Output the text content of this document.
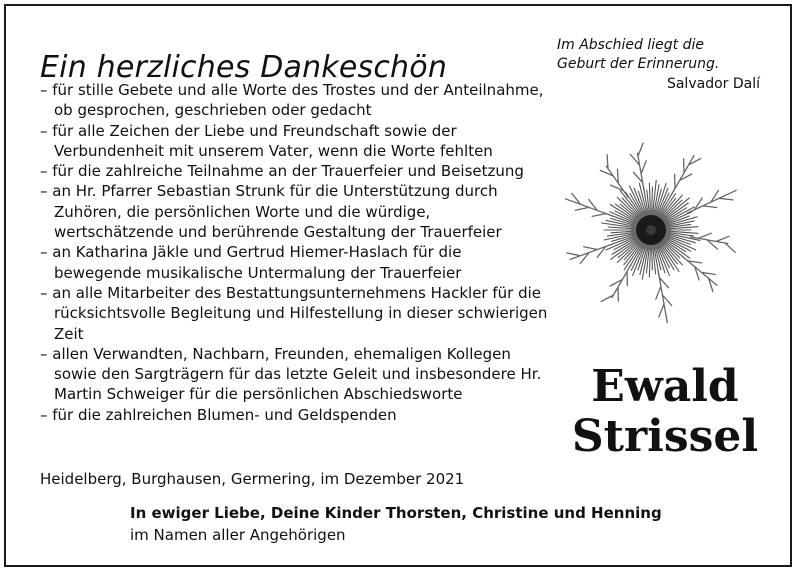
Ein herzliches Dankeschön
– für stille Gebete und alle Worte des Trostes und der Anteilnahme, ob gesprochen, geschrieben oder gedacht
– für alle Zeichen der Liebe und Freundschaft sowie der Verbundenheit mit unserem Vater, wenn die Worte fehlten
– für die zahlreiche Teilnahme an der Trauerfeier und Beisetzung
– an Hr. Pfarrer Sebastian Strunk für die Unterstützung durch Zuhören, die persönlichen Worte und die würdige, wertschätzende und berührende Gestaltung der Trauerfeier
– an Katharina Jäkle und Gertrud Hiemer-Haslach für die bewegende musikalische Untermalung der Trauerfeier
– an alle Mitarbeiter des Bestattungsunternehmens Hackler für die rücksichtsvolle Begleitung und Hilfestellung in dieser schwierigen Zeit
– allen Verwandten, Nachbarn, Freunden, ehemaligen Kollegen sowie den Sargträgern für das letzte Geleit und insbesondere Hr. Martin Schweiger für die persönlichen Abschiedsworte
– für die zahlreichen Blumen- und Geldspenden
Heidelberg, Burghausen, Germering, im Dezember 2021
In ewiger Liebe, Deine Kinder Thorsten, Christine und Henning
im Namen aller Angehörigen
Im Abschied liegt die
Geburt der Erinnerung.
Salvador Dalí
Ewald
Strissel
